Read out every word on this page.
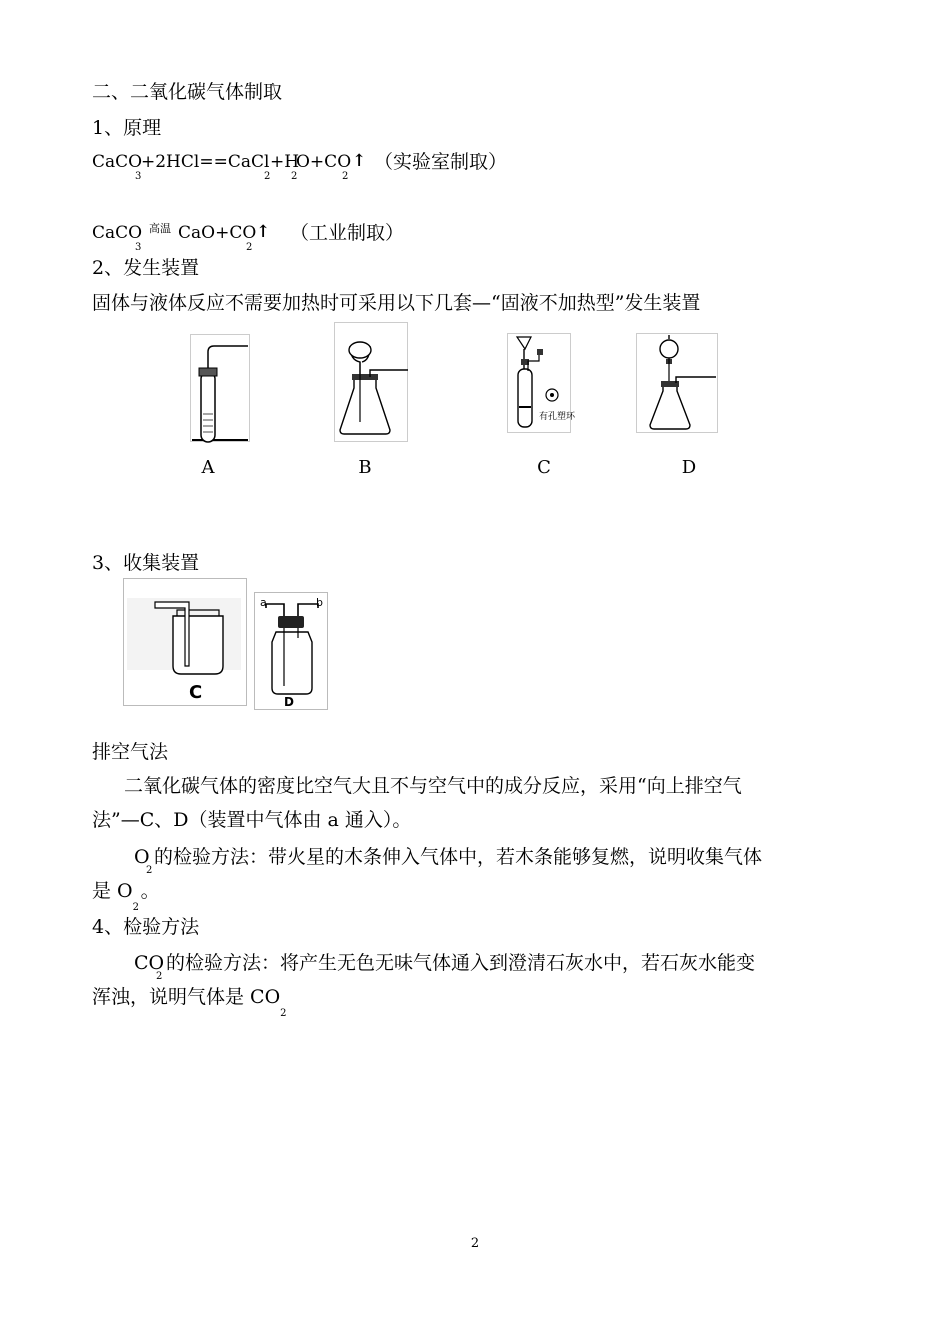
二、二氧化碳气体制取
1、原理
CaCO
3
+2HCl==CaCl
2
+H
2
O+CO
2
↑ （实验室制取）
CaCO
3
高温 CaO+CO
2
↑ （工业制取）
2、发生装置
固体与液体反应不需要加热时可采用以下几套—“固液不加热型”发生装置
有孔塑环
A	B	C	D
3、收集装置
C
a	b
D
排空气法
二氧化碳气体的密度比空气大且不与空气中的成分反应，采用“向上排空气
法”—C、D（装置中气体由 a 通入）。
O
2
的检验方法：带火星的木条伸入气体中，若木条能够复燃，说明收集气体
是 O2。
4、检验方法
CO
2
的检验方法：将产生无色无味气体通入到澄清石灰水中，若石灰水能变
浑浊，说明气体是 CO2
2
